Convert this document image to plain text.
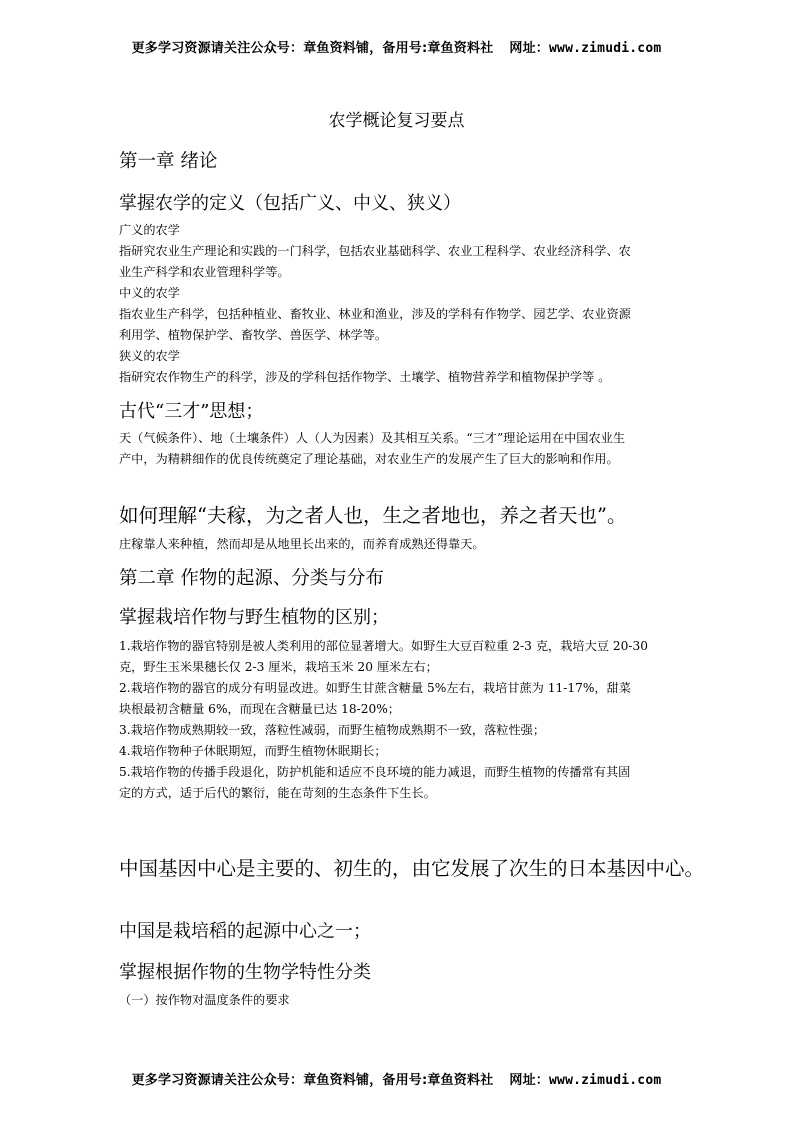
更多学习资源请关注公众号：章鱼资料铺，备用号:章鱼资料社 网址：www.zimudi.com
农学概论复习要点
第一章 绪论
掌握农学的定义（包括广义、中义、狭义）
广义的农学
指研究农业生产理论和实践的一门科学，包括农业基础科学、农业工程科学、农业经济科学、农
业生产科学和农业管理科学等。
中义的农学
指农业生产科学，包括种植业、畜牧业、林业和渔业，涉及的学科有作物学、园艺学、农业资源
利用学、植物保护学、畜牧学、兽医学、林学等。
狭义的农学
指研究农作物生产的科学，涉及的学科包括作物学、土壤学、植物营养学和植物保护学等 。
古代“三才”思想；
天（气候条件）、地（土壤条件）人（人为因素）及其相互关系。“三才”理论运用在中国农业生
产中，为精耕细作的优良传统奠定了理论基础，对农业生产的发展产生了巨大的影响和作用。
如何理解“夫稼，为之者人也，生之者地也，养之者天也”。
庄稼靠人来种植，然而却是从地里长出来的，而养育成熟还得靠天。
第二章 作物的起源、分类与分布
掌握栽培作物与野生植物的区别；
1.栽培作物的器官特别是被人类利用的部位显著增大。如野生大豆百粒重 2-3 克，栽培大豆 20-30
克，野生玉米果穗长仅 2-3 厘米，栽培玉米 20 厘米左右；
2.栽培作物的器官的成分有明显改进。如野生甘蔗含糖量 5%左右，栽培甘蔗为 11-17%，甜菜
块根最初含糖量 6%，而现在含糖量已达 18-20%；
3.栽培作物成熟期较一致，落粒性减弱，而野生植物成熟期不一致，落粒性强；
4.栽培作物种子休眠期短，而野生植物休眠期长；
5.栽培作物的传播手段退化，防护机能和适应不良环境的能力减退，而野生植物的传播常有其固
定的方式，适于后代的繁衍，能在苛刻的生态条件下生长。
中国基因中心是主要的、初生的，由它发展了次生的日本基因中心。
中国是栽培稻的起源中心之一；
掌握根据作物的生物学特性分类
（一）按作物对温度条件的要求
更多学习资源请关注公众号：章鱼资料铺，备用号:章鱼资料社 网址：www.zimudi.com
